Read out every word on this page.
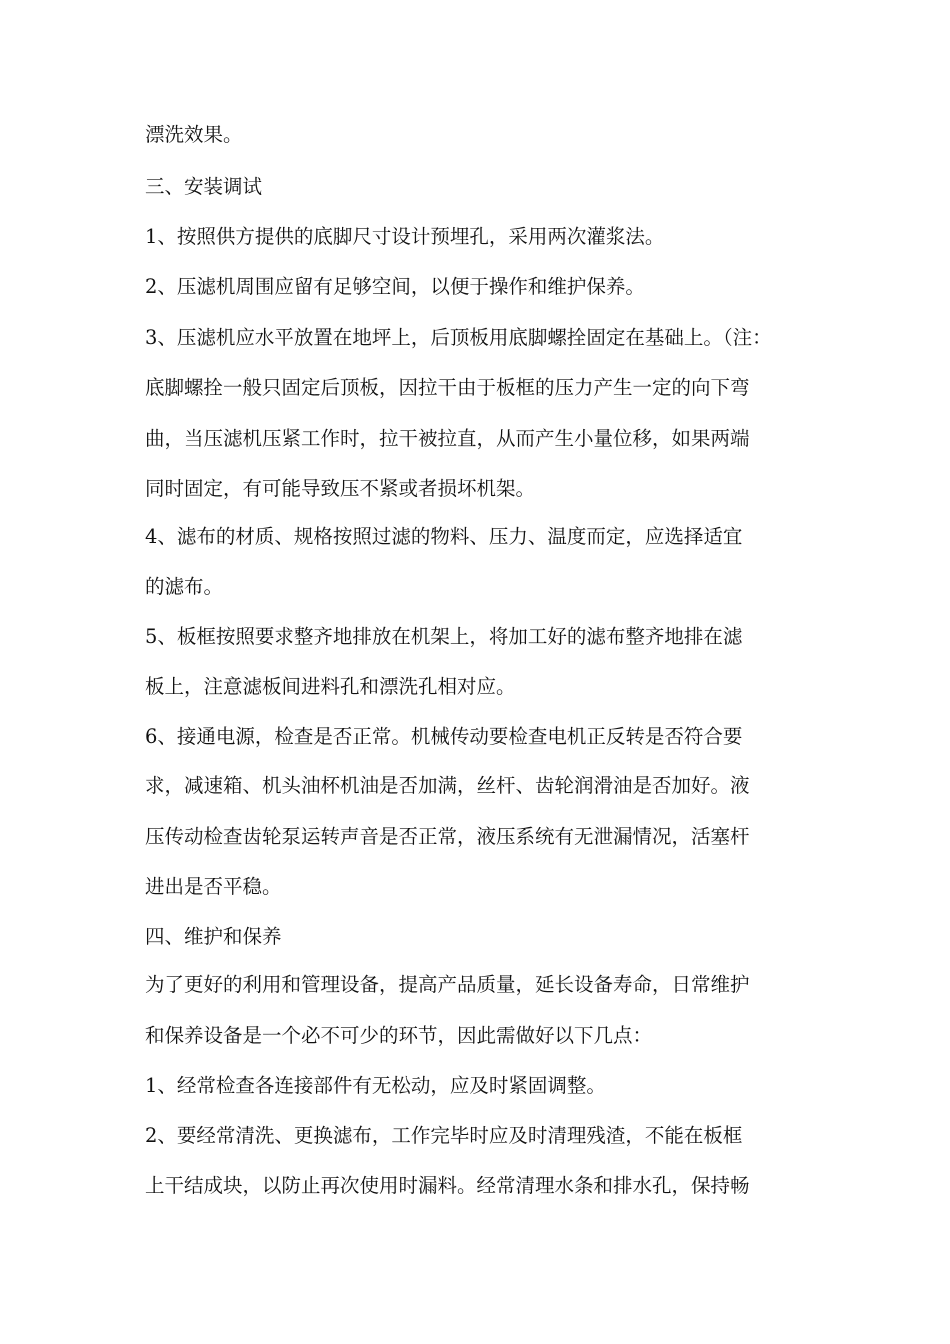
漂洗效果。
三、安装调试
1、按照供方提供的底脚尺寸设计预埋孔，采用两次灌浆法。
2、压滤机周围应留有足够空间，以便于操作和维护保养。
3、压滤机应水平放置在地坪上，后顶板用底脚螺拴固定在基础上。（注：
底脚螺拴一般只固定后顶板，因拉干由于板框的压力产生一定的向下弯
曲，当压滤机压紧工作时，拉干被拉直，从而产生小量位移，如果两端
同时固定，有可能导致压不紧或者损坏机架。
4、滤布的材质、规格按照过滤的物料、压力、温度而定，应选择适宜
的滤布。
5、板框按照要求整齐地排放在机架上，将加工好的滤布整齐地排在滤
板上，注意滤板间进料孔和漂洗孔相对应。
6、接通电源，检查是否正常。机械传动要检查电机正反转是否符合要
求，减速箱、机头油杯机油是否加满，丝杆、齿轮润滑油是否加好。液
压传动检查齿轮泵运转声音是否正常，液压系统有无泄漏情况，活塞杆
进出是否平稳。
四、维护和保养
为了更好的利用和管理设备，提高产品质量，延长设备寿命，日常维护
和保养设备是一个必不可少的环节，因此需做好以下几点：
1、经常检查各连接部件有无松动，应及时紧固调整。
2、要经常清洗、更换滤布，工作完毕时应及时清理残渣，不能在板框
上干结成块，以防止再次使用时漏料。经常清理水条和排水孔，保持畅
